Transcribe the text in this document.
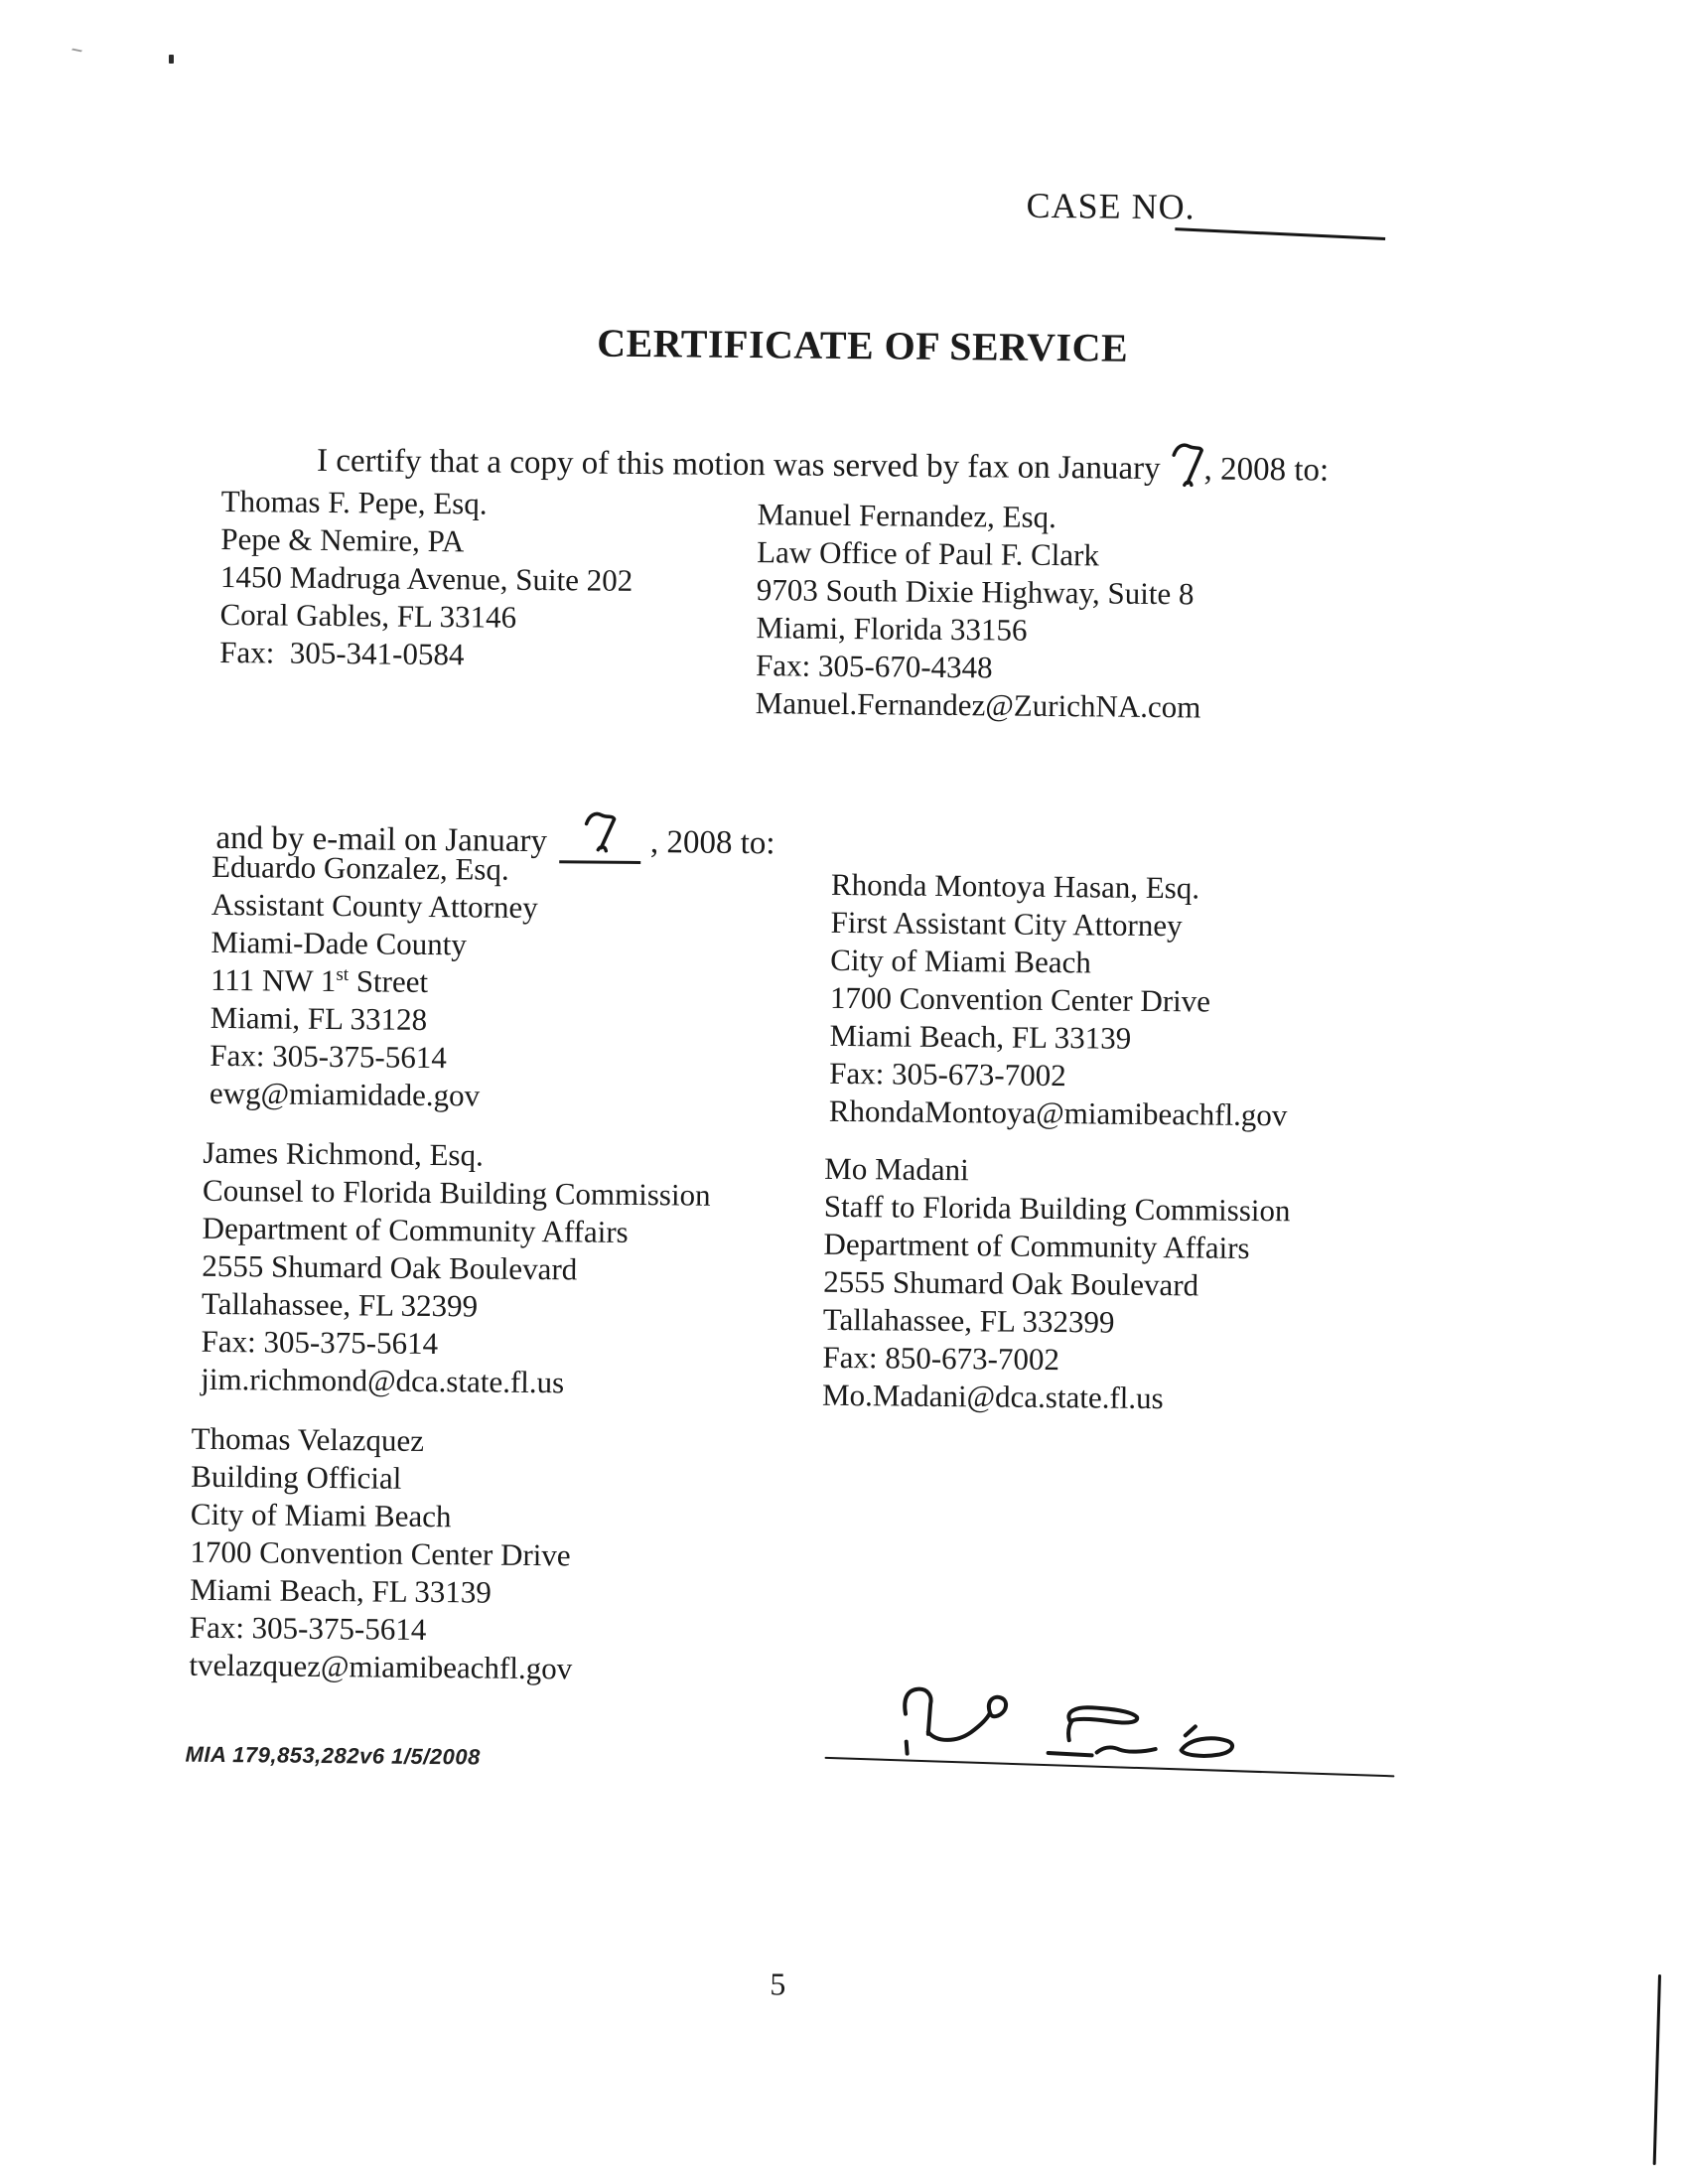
CASE NO.
CERTIFICATE OF SERVICE

I certify that a copy of this motion was served by fax on January , 2008 to:

Thomas F. Pepe, Esq.
Pepe & Nemire, PA
1450 Madruga Avenue, Suite 202
Coral Gables, FL 33146
Fax:  305-341-0584
Manuel Fernandez, Esq.
Law Office of Paul F. Clark
9703 South Dixie Highway, Suite 8
Miami, Florida 33156
Fax: 305-670-4348
Manuel.Fernandez@ZurichNA.com

and by e-mail on January	, 2008 to:

Eduardo Gonzalez, Esq.
Assistant County Attorney
Miami-Dade County
111 NW 1st Street
Miami, FL 33128
Fax: 305-375-5614
ewg@miamidade.gov
Rhonda Montoya Hasan, Esq.
First Assistant City Attorney
City of Miami Beach
1700 Convention Center Drive
Miami Beach, FL 33139
Fax: 305-673-7002
RhondaMontoya@miamibeachfl.gov
James Richmond, Esq.
Counsel to Florida Building Commission
Department of Community Affairs
2555 Shumard Oak Boulevard
Tallahassee, FL 32399
Fax: 305-375-5614
jim.richmond@dca.state.fl.us
Mo Madani
Staff to Florida Building Commission
Department of Community Affairs
2555 Shumard Oak Boulevard
Tallahassee, FL 332399
Fax: 850-673-7002
Mo.Madani@dca.state.fl.us
Thomas Velazquez
Building Official
City of Miami Beach
1700 Convention Center Drive
Miami Beach, FL 33139
Fax: 305-375-5614
tvelazquez@miamibeachfl.gov
MIA 179,853,282v6 1/5/2008
5
